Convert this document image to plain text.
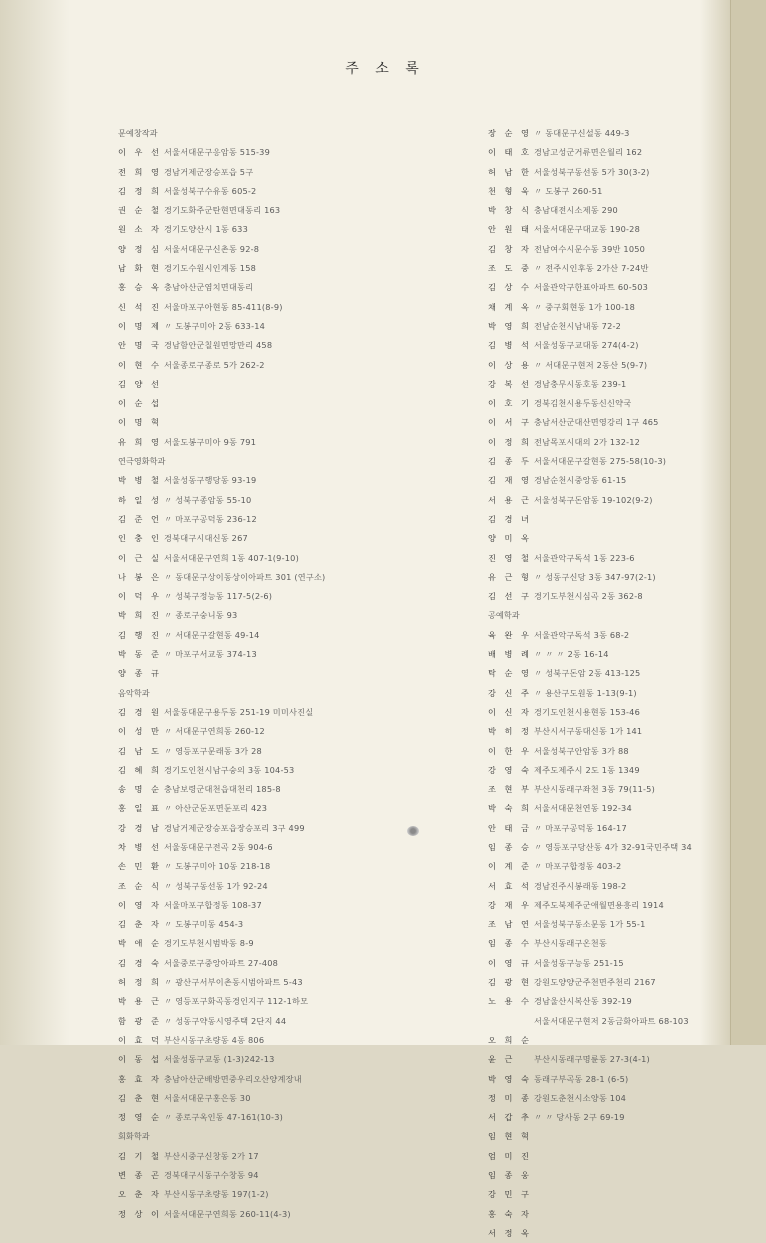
주 소 록
문예창작과
이 우 선 서울서대문구응암동 515-39
전 희 영 경남거제군장승포읍 5구
김 정 희 서울성북구수유동 605-2
권 순 철 경기도화주군탄현면대동리 163
원 소 자 경기도양산시 1동 633
양 정 심 서울서대문구신촌동 92-8
남 화 현 경기도수원시인계동 158
홍 승 옥 충남아산군염치면대동리
신 석 진 서울마포구아현동 85-411(8-9)
이 명 제 〃 도봉구미아 2동 633-14
안 명 국 경남함안군칠원면망만리 458
이 현 수 서울종로구종로 5가 262-2
김 양 선
이 순 섭
이 명 혁
유 희 영 서울도봉구미아 9동 791
연극영화학과
박 병 철 서울성동구행당동 93-19
하 일 성 〃 성북구종암동 55-10
김 준 언 〃 마포구공덕동 236-12
인 충 인 경북대구시대신동 267
이 근 실 서울서대문구연희 1동 407-1(9-10)
나 봉 은 〃 동대문구상이동상이아파트 301 (연구소)
이 덕 우 〃 성북구정능동 117-5(2-6)
박 희 진 〃 종로구숭니동 93
김 행 진 〃 서대문구갈현동 49-14
박 동 준 〃 마포구서교동 374-13
양 종 규
음악학과
김 경 원 서울동대문구용두동 251-19 미미사진실
이 성 만 〃 서대문구연희동 260-12
김 남 도 〃 영등포구문래동 3가 28
김 혜 희 경기도인천시남구숭의 3동 104-53
송 명 순 충남보령군대천읍대천리 185-8
홍 일 표 〃 아산군둔포면둔포리 423
강 경 남 경남거제군장승포읍장승포리 3구 499
차 병 선 서울동대문구전곡 2동 904-6
손 민 환 〃 도봉구미아 10동 218-18
조 순 식 〃 성북구동선동 1가 92-24
이 영 자 서울마포구합정동 108-37
김 춘 자 〃 도봉구미동 454-3
박 애 순 경기도부천시범박동 8-9
김 경 숙 서울중로구중앙아파트 27-408
허 정 희 〃 광산구서부이촌동시범아파트 5-43
박 용 근 〃 영등포구화곡동경인지구 112-1하모
함 광 준 〃 성동구약동시영주택 2단지 44
이 효 덕 부산시동구초량동 4동 806
이 동 섭 서울성동구교동 (1-3)242-13
홍 효 자 충남아산군배방면중우리오산양계장내
김 춘 현 서울서대문구홍은동 30
정 영 순 〃 종로구옥인동 47-161(10-3)
회화학과
김 기 철 부산시중구신창동 2가 17
변 종 곤 경북대구시동구수창동 94
오 춘 자 부산시동구초량동 197(1-2)
정 상 이 서울서대문구연희동 260-11(4-3)
장 순 영 〃 동대문구신설동 449-3
이 태 호 경남고성군거류면은월리 162
허 남 한 서울성북구동선동 5가 30(3-2)
천 형 욱 〃 도봉구 260-51
박 창 식 충남대전시소제동 290
안 원 태 서울서대문구대교동 190-28
김 창 자 전남여수시문수동 39반 1050
조 도 중 〃 전주시인후동 2가산 7-24반
김 상 수 서울관악구한표아파트 60-503
채 계 옥 〃 중구회현동 1가 100-18
박 영 희 전남순천시남내동 72-2
김 병 석 서울성동구교대동 274(4-2)
이 상 용 〃 서대문구현저 2동산 5(9-7)
강 복 선 경남충무시동호동 239-1
이 호 기 경북김천시용두동신신약국
이 서 구 충남서산군대산면영강리 1구 465
이 정 희 전남목포시대의 2가 132-12
김 종 두 서울서대문구갈현동 275-58(10-3)
김 재 영 경남순천시중앙동 61-15
서 용 근 서울성북구돈암동 19-102(9-2)
김 경 녀
양 미 옥
진 영 철 서울관악구독석 1동 223-6
유 근 형 〃 성동구신당 3동 347-97(2-1)
김 선 구 경기도부천시심곡 2동 362-8
공예학과
육 완 우 서울관악구독석 3동 68-2
배 병 례 〃 〃 〃 2동 16-14
탁 순 영 〃 성북구돈암 2동 413-125
강 신 주 〃 용산구도원동 1-13(9-1)
이 신 자 경기도인천시용현동 153-46
박 히 정 부산시서구동대신동 1가 141
이 한 우 서울성북구안암동 3가 88
강 영 숙 제주도제주시 2도 1동 1349
조 현 부 부산시동래구좌천 3동 79(11-5)
박 숙 희 서울서대문천연동 192-34
안 태 금 〃 마포구공덕동 164-17
임 종 승 〃 영등포구당산동 4가 32-91국민주택 34
이 계 준 〃 마포구합정동 403-2
서 효 석 경남진주시봉래동 198-2
강 재 우 제주도북제주군애월면용흥리 1914
조 남 연 서울성북구동소문동 1가 55-1
임 종 수 부산시동래구온천동
이 영 규 서울성동구능동 251-15
김 광 현 강원도양양군주천면주천리 2167
노 용 수 경남울산시복산동 392-19
서울서대문구현저 2동금화아파트 68-103
오 희 순
윤 근 부산시동래구명륜동 27-3(4-1)
박 영 숙 동래구부곡동 28-1 (6-5)
정 미 종 강원도춘천시소양동 104
서 갑 추 〃 〃 당사동 2구 69-19
임 현 혁
엄 미 진
임 종 웅
강 민 구
홍 숙 자
서 정 옥
